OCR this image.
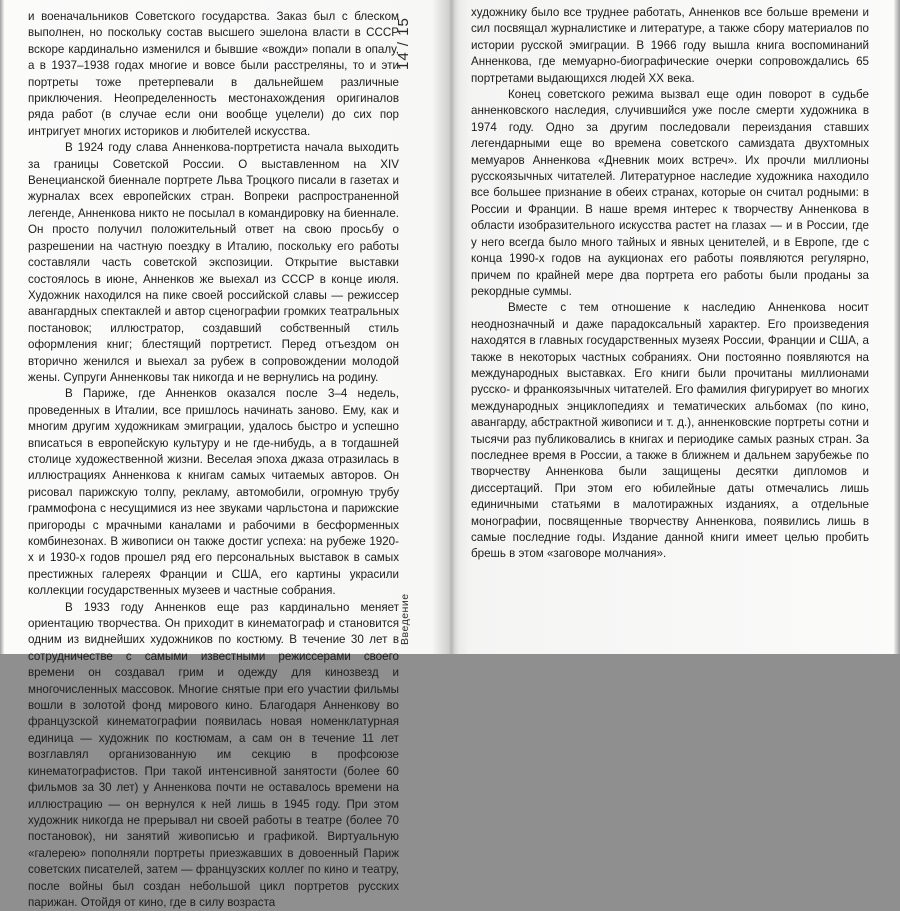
и военачальников Советского государства. Заказ был с блеском выполнен, но поскольку состав высшего эшелона власти в СССР вскоре кардинально изменился и бывшие «вожди» попали в опалу, а в 1937–1938 годах многие и вовсе были расстреляны, то и эти портреты тоже претерпевали в дальнейшем различные приключения. Неопределенность местонахождения оригиналов ряда работ (в случае если они вообще уцелели) до сих пор интригует многих историков и любителей искусства.

В 1924 году слава Анненкова-портретиста начала выходить за границы Советской России. О выставленном на XIV Венецианской биеннале портрете Льва Троцкого писали в газетах и журналах всех европейских стран. Вопреки распространенной легенде, Анненкова никто не посылал в командировку на биеннале. Он просто получил положительный ответ на свою просьбу о разрешении на частную поездку в Италию, поскольку его работы составляли часть советской экспозиции. Открытие выставки состоялось в июне, Анненков же выехал из СССР в конце июля. Художник находился на пике своей российской славы — режиссер авангардных спектаклей и автор сценографии громких театральных постановок; иллюстратор, создавший собственный стиль оформления книг; блестящий портретист. Перед отъездом он вторично женился и выехал за рубеж в сопровождении молодой жены. Супруги Анненковы так никогда и не вернулись на родину.

В Париже, где Анненков оказался после 3–4 недель, проведенных в Италии, все пришлось начинать заново. Ему, как и многим другим художникам эмиграции, удалось быстро и успешно вписаться в европейскую культуру и не где-нибудь, а в тогдашней столице художественной жизни. Веселая эпоха джаза отразилась в иллюстрациях Анненкова к книгам самых читаемых авторов. Он рисовал парижскую толпу, рекламу, автомобили, огромную трубу граммофона с несущимися из нее звуками чарльстона и парижские пригороды с мрачными каналами и рабочими в бесформенных комбинезонах. В живописи он также достиг успеха: на рубеже 1920-х и 1930-х годов прошел ряд его персональных выставок в самых престижных галереях Франции и США, его картины украсили коллекции государственных музеев и частные собрания.

В 1933 году Анненков еще раз кардинально меняет ориентацию творчества. Он приходит в кинематограф и становится одним из виднейших художников по костюму. В течение 30 лет в сотрудничестве с самыми известными режиссерами своего времени он создавал грим и одежду для кинозвезд и многочисленных массовок. Многие снятые при его участии фильмы вошли в золотой фонд мирового кино. Благодаря Анненкову во французской кинематографии появилась новая номенклатурная единица — художник по костюмам, а сам он в течение 11 лет возглавлял организованную им секцию в профсоюзе кинематографистов. При такой интенсивной занятости (более 60 фильмов за 30 лет) у Анненкова почти не оставалось времени на иллюстрацию — он вернулся к ней лишь в 1945 году. При этом художник никогда не прерывал ни своей работы в театре (более 70 постановок), ни занятий живописью и графикой. Виртуальную «галерею» пополняли портреты приезжавших в довоенный Париж советских писателей, затем — французских коллег по кино и театру, после войны был создан небольшой цикл портретов русских парижан. Отойдя от кино, где в силу возраста

14 / 15
Введение

художнику было все труднее работать, Анненков все больше времени и сил посвящал журналистике и литературе, а также сбору материалов по истории русской эмиграции. В 1966 году вышла книга воспоминаний Анненкова, где мемуарно-биографические очерки сопровождались 65 портретами выдающихся людей XX века.

Конец советского режима вызвал еще один поворот в судьбе анненковского наследия, случившийся уже после смерти художника в 1974 году. Одно за другим последовали переиздания ставших легендарными еще во времена советского самиздата двухтомных мемуаров Анненкова «Дневник моих встреч». Их прочли миллионы русскоязычных читателей. Литературное наследие художника находило все большее признание в обеих странах, которые он считал родными: в России и Франции. В наше время интерес к творчеству Анненкова в области изобразительного искусства растет на глазах — и в России, где у него всегда было много тайных и явных ценителей, и в Европе, где с конца 1990-х годов на аукционах его работы появляются регулярно, причем по крайней мере два портрета его работы были проданы за рекордные суммы.

Вместе с тем отношение к наследию Анненкова носит неоднозначный и даже парадоксальный характер. Его произведения находятся в главных государственных музеях России, Франции и США, а также в некоторых частных собраниях. Они постоянно появляются на международных выставках. Его книги были прочитаны миллионами русско- и франкоязычных читателей. Его фамилия фигурирует во многих международных энциклопедиях и тематических альбомах (по кино, авангарду, абстрактной живописи и т. д.), анненковские портреты сотни и тысячи раз публиковались в книгах и периодике самых разных стран. За последнее время в России, а также в ближнем и дальнем зарубежье по творчеству Анненкова были защищены десятки дипломов и диссертаций. При этом его юбилейные даты отмечались лишь единичными статьями в малотиражных изданиях, а отдельные монографии, посвященные творчеству Анненкова, появились лишь в самые последние годы. Издание данной книги имеет целью пробить брешь в этом «заговоре молчания».
